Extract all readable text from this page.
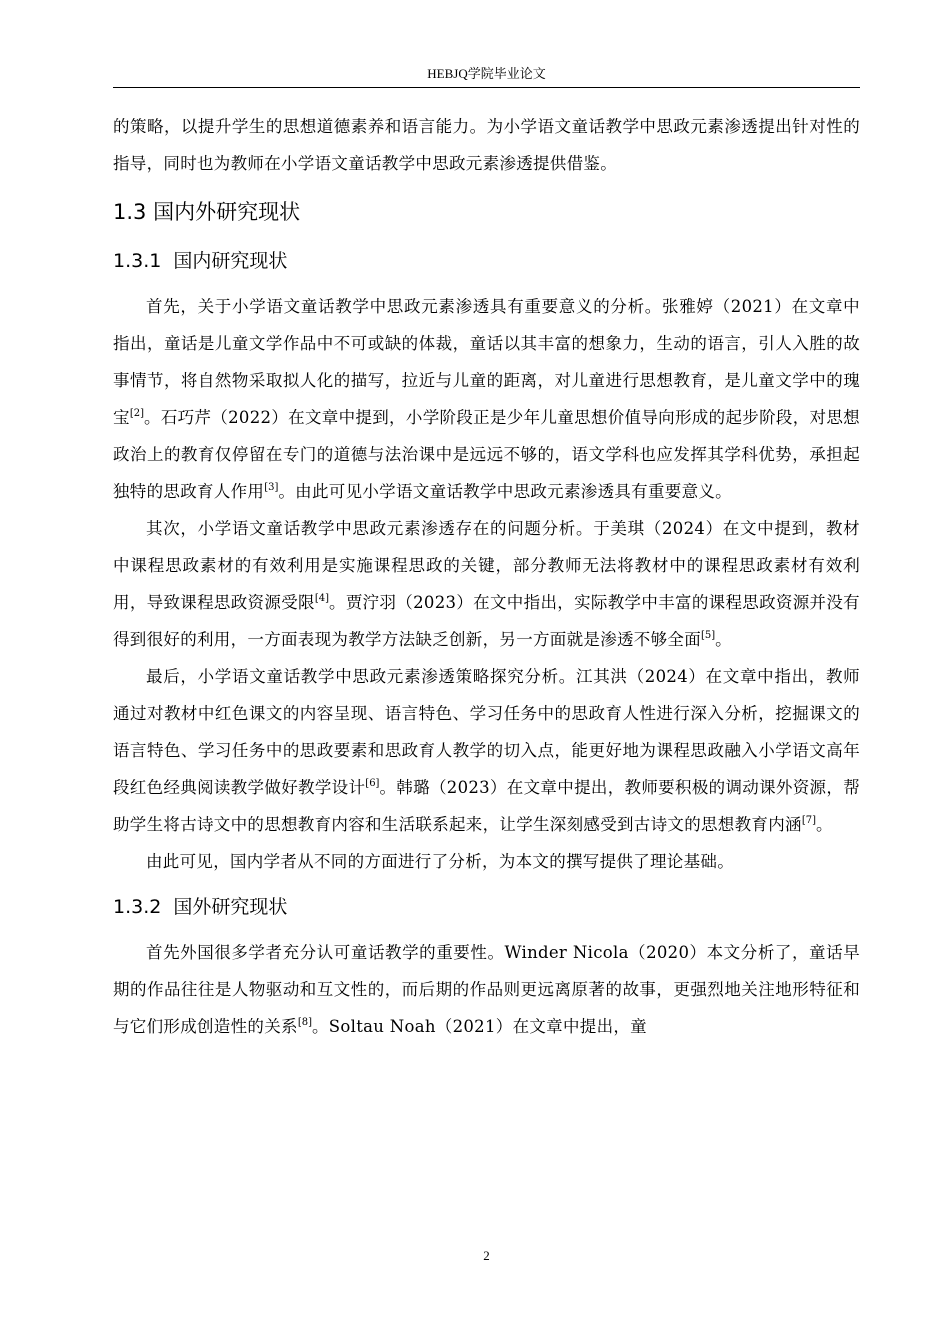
HEBJQ学院毕业论文

的策略，以提升学生的思想道德素养和语言能力。为小学语文童话教学中思政元素渗透提出针对性的指导，同时也为教师在小学语文童话教学中思政元素渗透提供借鉴。

1.3 国内外研究现状
1.3.1 国内研究现状

首先，关于小学语文童话教学中思政元素渗透具有重要意义的分析。张雅婷（2021）在文章中指出，童话是儿童文学作品中不可或缺的体裁，童话以其丰富的想象力，生动的语言，引人入胜的故事情节，将自然物采取拟人化的描写，拉近与儿童的距离，对儿童进行思想教育，是儿童文学中的瑰宝[2]。石巧芹（2022）在文章中提到，小学阶段正是少年儿童思想价值导向形成的起步阶段，对思想政治上的教育仅停留在专门的道德与法治课中是远远不够的，语文学科也应发挥其学科优势，承担起独特的思政育人作用[3]。由此可见小学语文童话教学中思政元素渗透具有重要意义。

其次，小学语文童话教学中思政元素渗透存在的问题分析。于美琪（2024）在文中提到，教材中课程思政素材的有效利用是实施课程思政的关键，部分教师无法将教材中的课程思政素材有效利用，导致课程思政资源受限[4]。贾泞羽（2023）在文中指出，实际教学中丰富的课程思政资源并没有得到很好的利用，一方面表现为教学方法缺乏创新，另一方面就是渗透不够全面[5]。

最后，小学语文童话教学中思政元素渗透策略探究分析。江其洪（2024）在文章中指出，教师通过对教材中红色课文的内容呈现、语言特色、学习任务中的思政育人性进行深入分析，挖掘课文的语言特色、学习任务中的思政要素和思政育人教学的切入点，能更好地为课程思政融入小学语文高年段红色经典阅读教学做好教学设计[6]。韩璐（2023）在文章中提出，教师要积极的调动课外资源，帮助学生将古诗文中的思想教育内容和生活联系起来，让学生深刻感受到古诗文的思想教育内涵[7]。

由此可见，国内学者从不同的方面进行了分析，为本文的撰写提供了理论基础。

1.3.2 国外研究现状

首先外国很多学者充分认可童话教学的重要性。Winder Nicola（2020）本文分析了，童话早期的作品往往是人物驱动和互文性的，而后期的作品则更远离原著的故事，更强烈地关注地形特征和与它们形成创造性的关系[8]。Soltau Noah（2021）在文章中提出，童

2
